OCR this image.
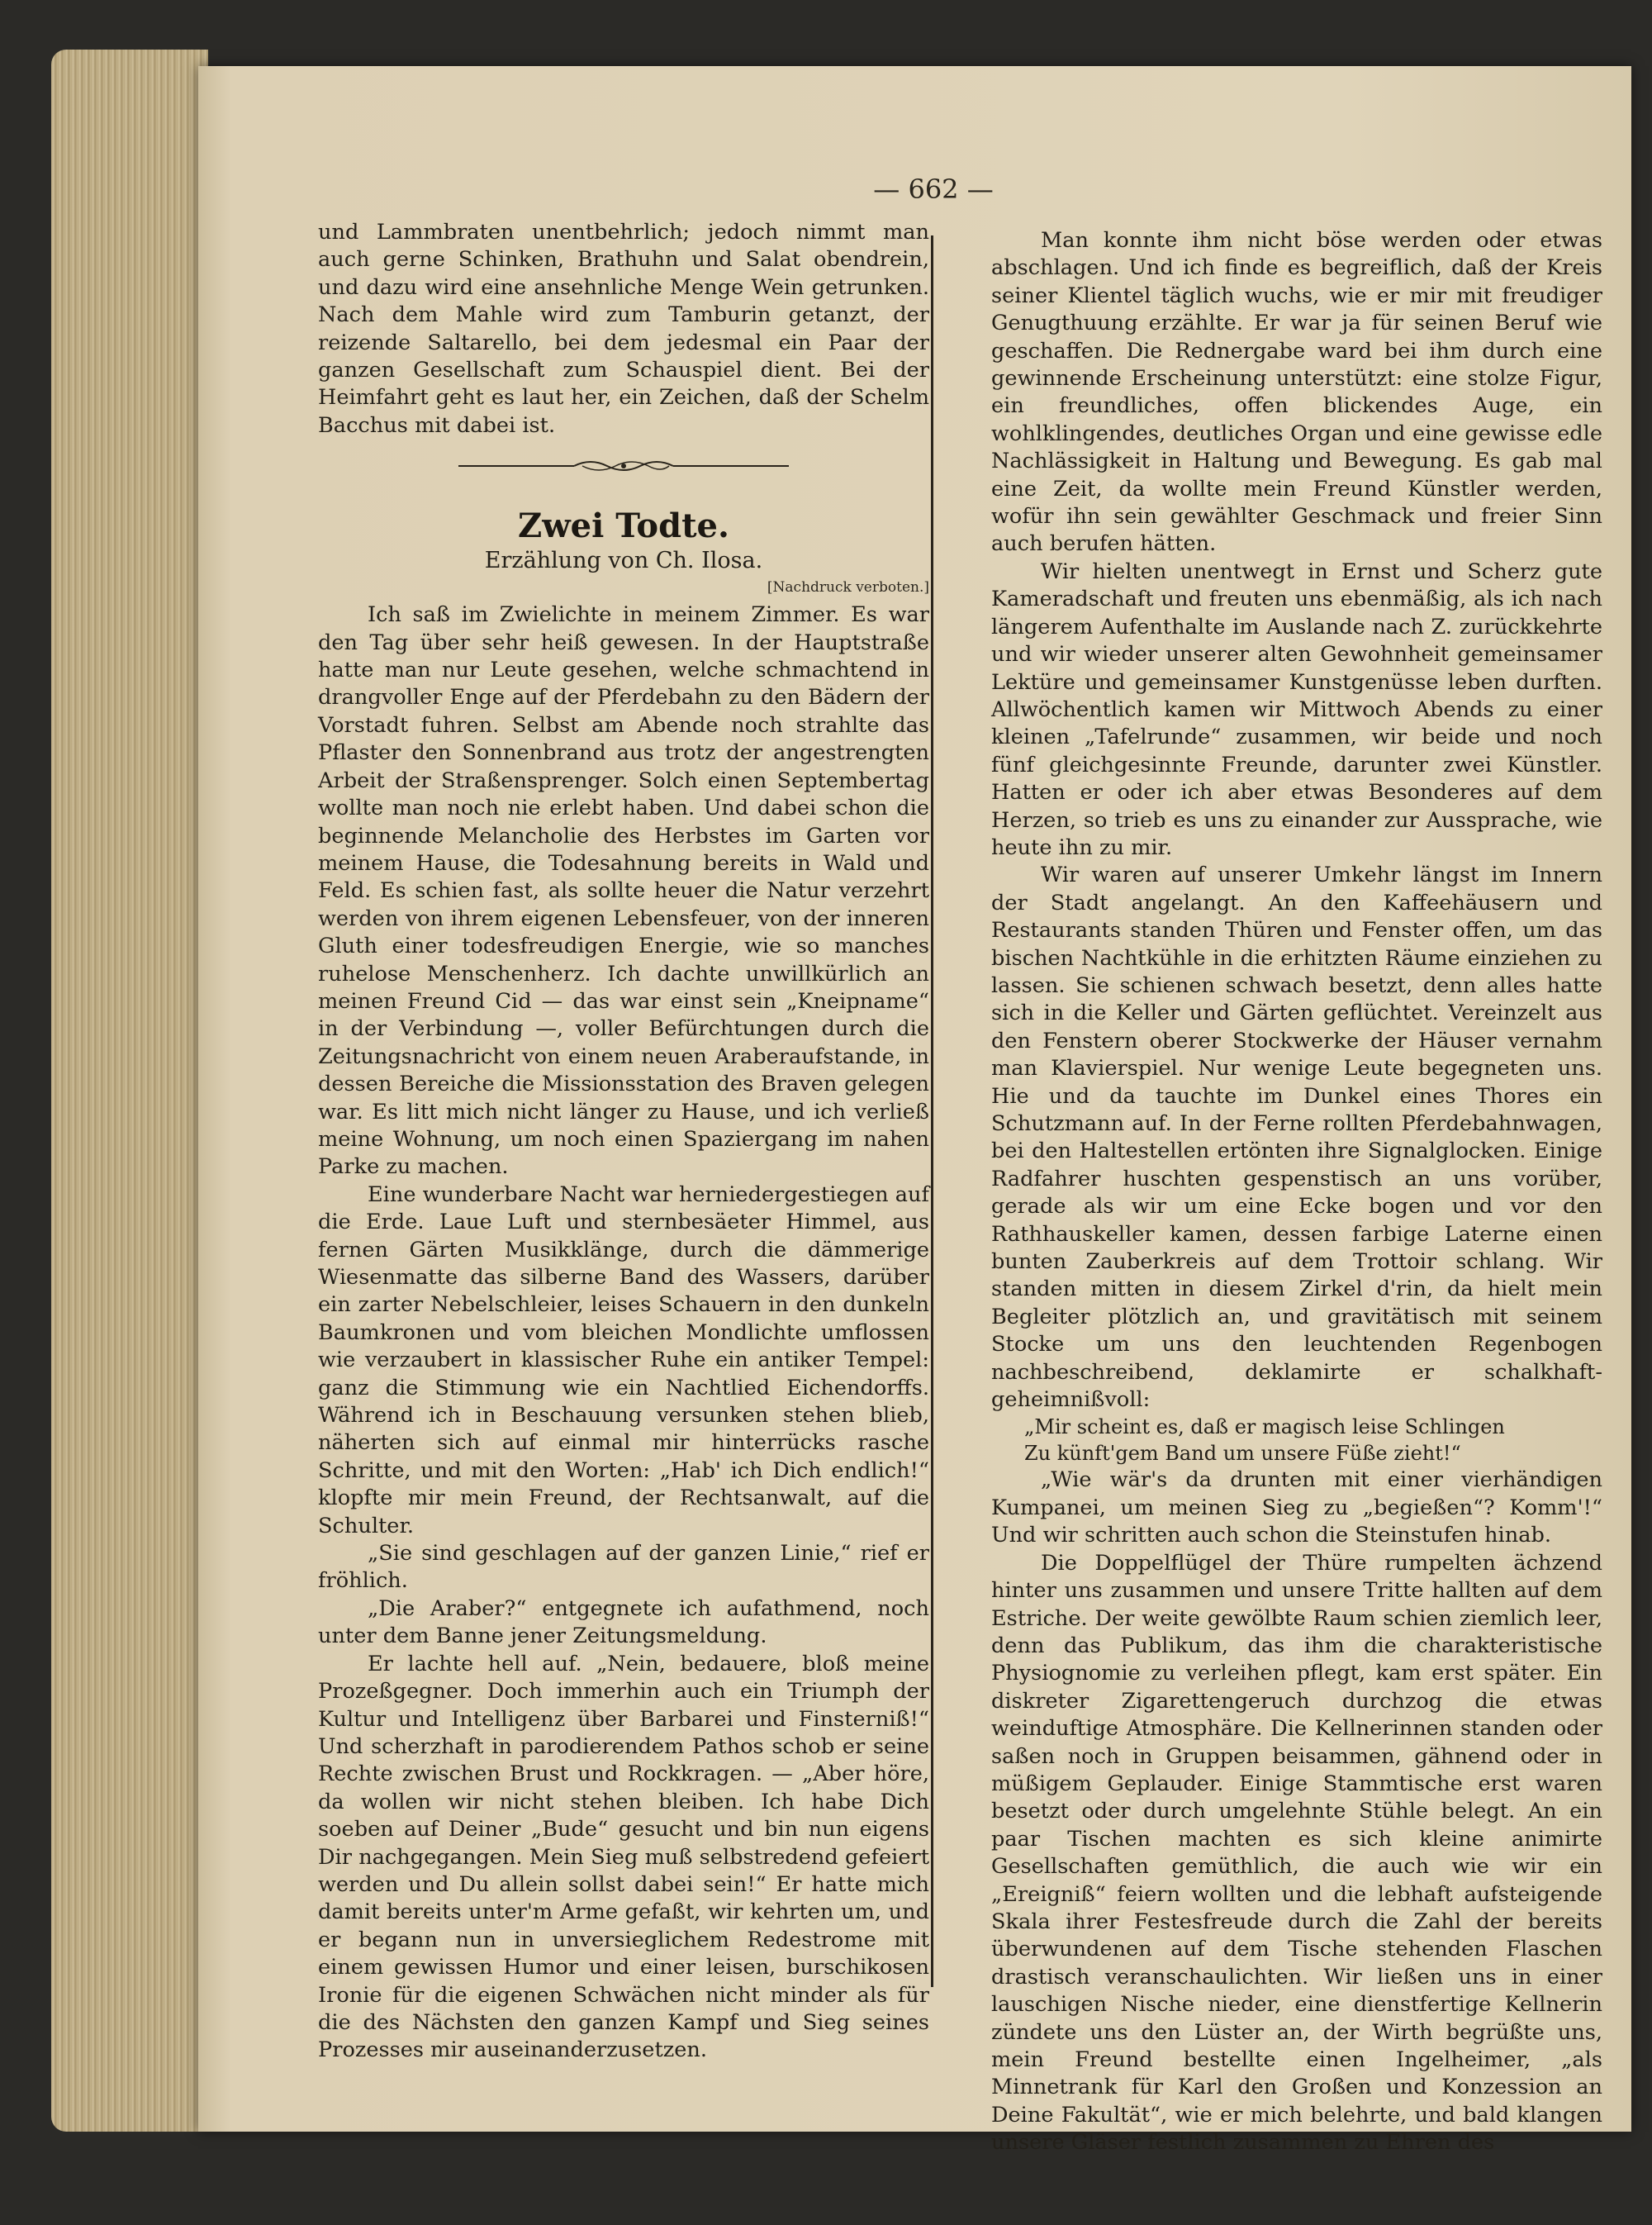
— 662 —

und Lammbraten unentbehrlich; jedoch nimmt man auch gerne Schinken, Brathuhn und Salat obendrein, und dazu wird eine ansehnliche Menge Wein getrunken. Nach dem Mahle wird zum Tamburin getanzt, der reizende Saltarello, bei dem jedesmal ein Paar der ganzen Gesellschaft zum Schauspiel dient. Bei der Heimfahrt geht es laut her, ein Zeichen, daß der Schelm Bacchus mit dabei ist.

Zwei Todte.
Erzählung von Ch. Ilosa.
[Nachdruck verboten.]

Ich saß im Zwielichte in meinem Zimmer. Es war den Tag über sehr heiß gewesen. In der Hauptstraße hatte man nur Leute gesehen, welche schmachtend in drangvoller Enge auf der Pferdebahn zu den Bädern der Vorstadt fuhren. Selbst am Abende noch strahlte das Pflaster den Sonnenbrand aus trotz der angestrengten Arbeit der Straßensprenger. Solch einen Septembertag wollte man noch nie erlebt haben. Und dabei schon die beginnende Melancholie des Herbstes im Garten vor meinem Hause, die Todesahnung bereits in Wald und Feld. Es schien fast, als sollte heuer die Natur verzehrt werden von ihrem eigenen Lebensfeuer, von der inneren Gluth einer todesfreudigen Energie, wie so manches ruhelose Menschenherz. Ich dachte unwillkürlich an meinen Freund Cid — das war einst sein „Kneipname“ in der Verbindung —, voller Befürchtungen durch die Zeitungsnachricht von einem neuen Araberaufstande, in dessen Bereiche die Missionsstation des Braven gelegen war. Es litt mich nicht länger zu Hause, und ich verließ meine Wohnung, um noch einen Spaziergang im nahen Parke zu machen.

Eine wunderbare Nacht war herniedergestiegen auf die Erde. Laue Luft und sternbesäeter Himmel, aus fernen Gärten Musikklänge, durch die dämmerige Wiesenmatte das silberne Band des Wassers, darüber ein zarter Nebelschleier, leises Schauern in den dunkeln Baumkronen und vom bleichen Mondlichte umflossen wie verzaubert in klassischer Ruhe ein antiker Tempel: ganz die Stimmung wie ein Nachtlied Eichendorffs. Während ich in Beschauung versunken stehen blieb, näherten sich auf einmal mir hinterrücks rasche Schritte, und mit den Worten: „Hab' ich Dich endlich!“ klopfte mir mein Freund, der Rechtsanwalt, auf die Schulter.

„Sie sind geschlagen auf der ganzen Linie,“ rief er fröhlich.

„Die Araber?“ entgegnete ich aufathmend, noch unter dem Banne jener Zeitungsmeldung.

Er lachte hell auf. „Nein, bedauere, bloß meine Prozeßgegner. Doch immerhin auch ein Triumph der Kultur und Intelligenz über Barbarei und Finsterniß!“ Und scherzhaft in parodierendem Pathos schob er seine Rechte zwischen Brust und Rockkragen. — „Aber höre, da wollen wir nicht stehen bleiben. Ich habe Dich soeben auf Deiner „Bude“ gesucht und bin nun eigens Dir nachgegangen. Mein Sieg muß selbstredend gefeiert werden und Du allein sollst dabei sein!“ Er hatte mich damit bereits unter'm Arme gefaßt, wir kehrten um, und er begann nun in unversieglichem Redestrome mit einem gewissen Humor und einer leisen, burschikosen Ironie für die eigenen Schwächen nicht minder als für die des Nächsten den ganzen Kampf und Sieg seines Prozesses mir auseinanderzusetzen.

Man konnte ihm nicht böse werden oder etwas abschlagen. Und ich finde es begreiflich, daß der Kreis seiner Klientel täglich wuchs, wie er mir mit freudiger Genugthuung erzählte. Er war ja für seinen Beruf wie geschaffen. Die Rednergabe ward bei ihm durch eine gewinnende Erscheinung unterstützt: eine stolze Figur, ein freundliches, offen blickendes Auge, ein wohlklingendes, deutliches Organ und eine gewisse edle Nachlässigkeit in Haltung und Bewegung. Es gab mal eine Zeit, da wollte mein Freund Künstler werden, wofür ihn sein gewählter Geschmack und freier Sinn auch berufen hätten.

Wir hielten unentwegt in Ernst und Scherz gute Kameradschaft und freuten uns ebenmäßig, als ich nach längerem Aufenthalte im Auslande nach Z. zurückkehrte und wir wieder unserer alten Gewohnheit gemeinsamer Lektüre und gemeinsamer Kunstgenüsse leben durften. Allwöchentlich kamen wir Mittwoch Abends zu einer kleinen „Tafelrunde“ zusammen, wir beide und noch fünf gleichgesinnte Freunde, darunter zwei Künstler. Hatten er oder ich aber etwas Besonderes auf dem Herzen, so trieb es uns zu einander zur Aussprache, wie heute ihn zu mir.

Wir waren auf unserer Umkehr längst im Innern der Stadt angelangt. An den Kaffeehäusern und Restaurants standen Thüren und Fenster offen, um das bischen Nachtkühle in die erhitzten Räume einziehen zu lassen. Sie schienen schwach besetzt, denn alles hatte sich in die Keller und Gärten geflüchtet. Vereinzelt aus den Fenstern oberer Stockwerke der Häuser vernahm man Klavierspiel. Nur wenige Leute begegneten uns. Hie und da tauchte im Dunkel eines Thores ein Schutzmann auf. In der Ferne rollten Pferdebahnwagen, bei den Haltestellen ertönten ihre Signalglocken. Einige Radfahrer huschten gespenstisch an uns vorüber, gerade als wir um eine Ecke bogen und vor den Rathhauskeller kamen, dessen farbige Laterne einen bunten Zauberkreis auf dem Trottoir schlang. Wir standen mitten in diesem Zirkel d'rin, da hielt mein Begleiter plötzlich an, und gravitätisch mit seinem Stocke um uns den leuchtenden Regenbogen nachbeschreibend, deklamirte er schalkhaft-geheimnißvoll:

„Mir scheint es, daß er magisch leise Schlingen

Zu künft'gem Band um unsere Füße zieht!“

„Wie wär's da drunten mit einer vierhändigen Kumpanei, um meinen Sieg zu „begießen“? Komm'!“ Und wir schritten auch schon die Steinstufen hinab.

Die Doppelflügel der Thüre rumpelten ächzend hinter uns zusammen und unsere Tritte hallten auf dem Estriche. Der weite gewölbte Raum schien ziemlich leer, denn das Publikum, das ihm die charakteristische Physiognomie zu verleihen pflegt, kam erst später. Ein diskreter Zigarettengeruch durchzog die etwas weinduftige Atmosphäre. Die Kellnerinnen standen oder saßen noch in Gruppen beisammen, gähnend oder in müßigem Geplauder. Einige Stammtische erst waren besetzt oder durch umgelehnte Stühle belegt. An ein paar Tischen machten es sich kleine animirte Gesellschaften gemüthlich, die auch wie wir ein „Ereigniß“ feiern wollten und die lebhaft aufsteigende Skala ihrer Festesfreude durch die Zahl der bereits überwundenen auf dem Tische stehenden Flaschen drastisch veranschaulichten. Wir ließen uns in einer lauschigen Nische nieder, eine dienstfertige Kellnerin zündete uns den Lüster an, der Wirth begrüßte uns, mein Freund bestellte einen Ingelheimer, „als Minnetrank für Karl den Großen und Konzession an Deine Fakultät“, wie er mich belehrte, und bald klangen unsere Gläser festlich zusammen zu Ehren des
